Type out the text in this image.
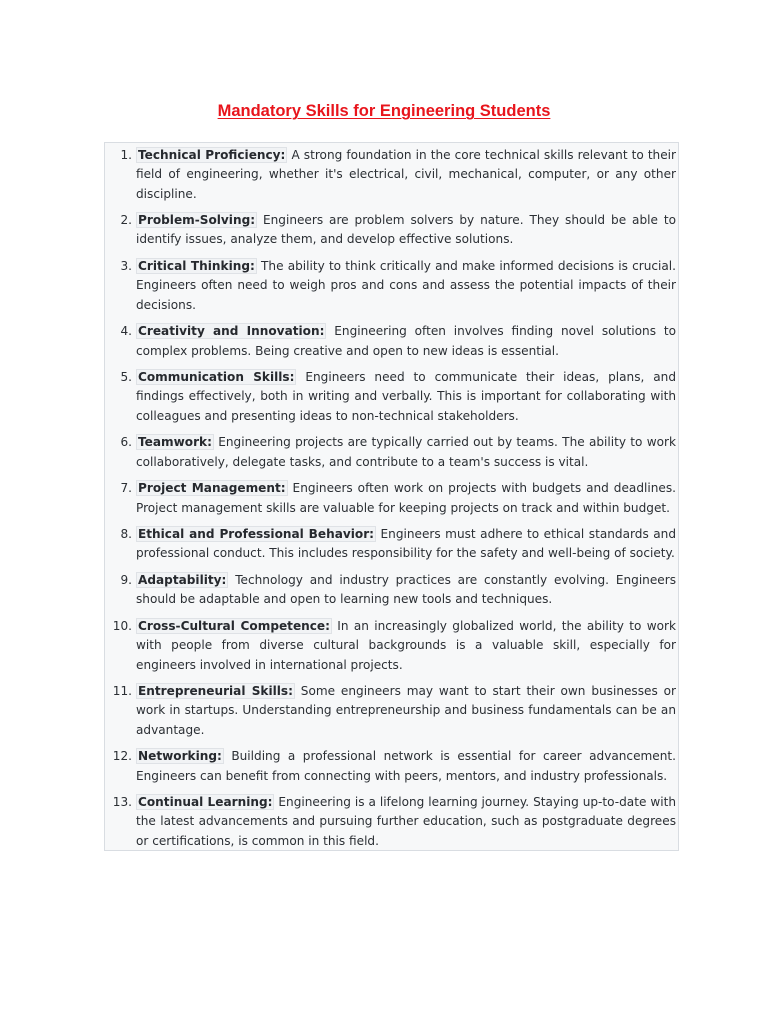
Mandatory Skills for Engineering Students
1. Technical Proficiency: A strong foundation in the core technical skills relevant to their field of engineering, whether it's electrical, civil, mechanical, computer, or any other discipline.
2. Problem-Solving: Engineers are problem solvers by nature. They should be able to identify issues, analyze them, and develop effective solutions.
3. Critical Thinking: The ability to think critically and make informed decisions is crucial. Engineers often need to weigh pros and cons and assess the potential impacts of their decisions.
4. Creativity and Innovation: Engineering often involves finding novel solutions to complex problems. Being creative and open to new ideas is essential.
5. Communication Skills: Engineers need to communicate their ideas, plans, and findings effectively, both in writing and verbally. This is important for collaborating with colleagues and presenting ideas to non-technical stakeholders.
6. Teamwork: Engineering projects are typically carried out by teams. The ability to work collaboratively, delegate tasks, and contribute to a team's success is vital.
7. Project Management: Engineers often work on projects with budgets and deadlines. Project management skills are valuable for keeping projects on track and within budget.
8. Ethical and Professional Behavior: Engineers must adhere to ethical standards and professional conduct. This includes responsibility for the safety and well-being of society.
9. Adaptability: Technology and industry practices are constantly evolving. Engineers should be adaptable and open to learning new tools and techniques.
10. Cross-Cultural Competence: In an increasingly globalized world, the ability to work with people from diverse cultural backgrounds is a valuable skill, especially for engineers involved in international projects.
11. Entrepreneurial Skills: Some engineers may want to start their own businesses or work in startups. Understanding entrepreneurship and business fundamentals can be an advantage.
12. Networking: Building a professional network is essential for career advancement. Engineers can benefit from connecting with peers, mentors, and industry professionals.
13. Continual Learning: Engineering is a lifelong learning journey. Staying up-to-date with the latest advancements and pursuing further education, such as postgraduate degrees or certifications, is common in this field.
